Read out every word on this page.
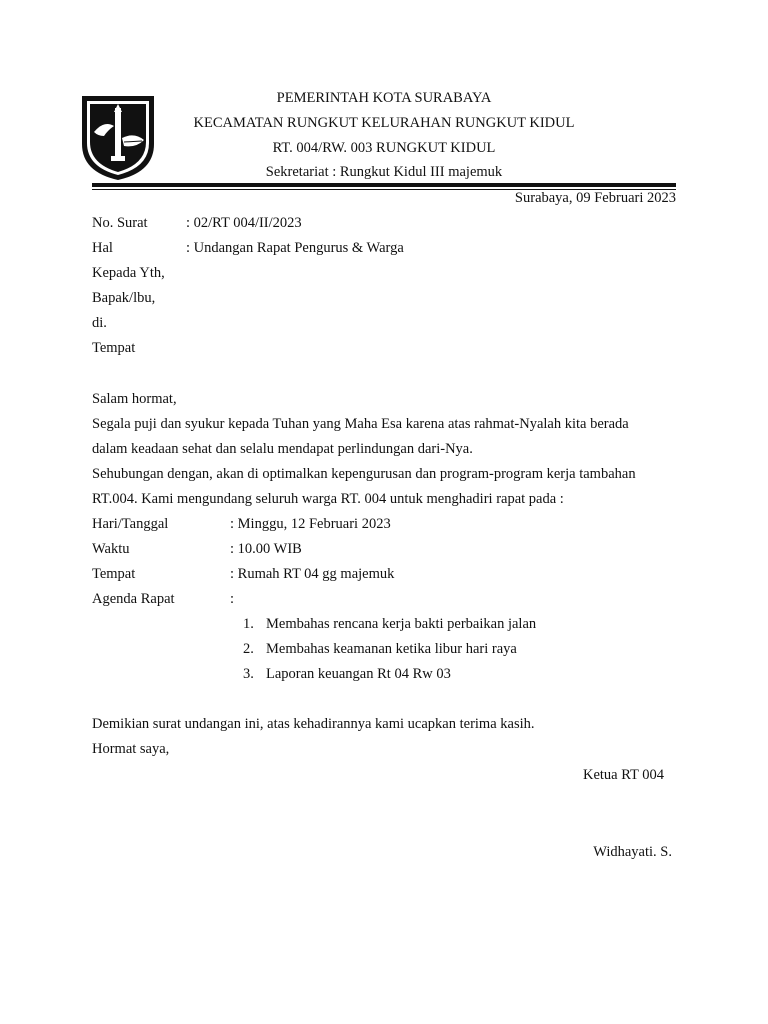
PEMERINTAH KOTA SURABAYA
KECAMATAN RUNGKUT KELURAHAN RUNGKUT KIDUL
RT. 004/RW. 003 RUNGKUT KIDUL
Sekretariat : Rungkut Kidul III majemuk
Surabaya, 09 Februari 2023
No. Surat	: 02/RT 004/II/2023
Hal	: Undangan Rapat Pengurus & Warga
Kepada Yth,
Bapak/lbu,
di.
Tempat
Salam hormat,
Segala puji dan syukur kepada Tuhan yang Maha Esa karena atas rahmat-Nyalah kita berada
dalam keadaan sehat dan selalu mendapat perlindungan dari-Nya.
Sehubungan dengan, akan di optimalkan kepengurusan dan program-program kerja tambahan
RT.004. Kami mengundang seluruh warga RT. 004 untuk menghadiri rapat pada :
Hari/Tanggal	: Minggu, 12 Februari 2023
Waktu	: 10.00 WIB
Tempat	: Rumah RT 04 gg majemuk
Agenda Rapat	:
1. Membahas rencana kerja bakti perbaikan jalan
2. Membahas keamanan ketika libur hari raya
3. Laporan keuangan Rt 04 Rw 03
Demikian surat undangan ini, atas kehadirannya kami ucapkan terima kasih.
Hormat saya,
Ketua RT 004
Widhayati. S.
